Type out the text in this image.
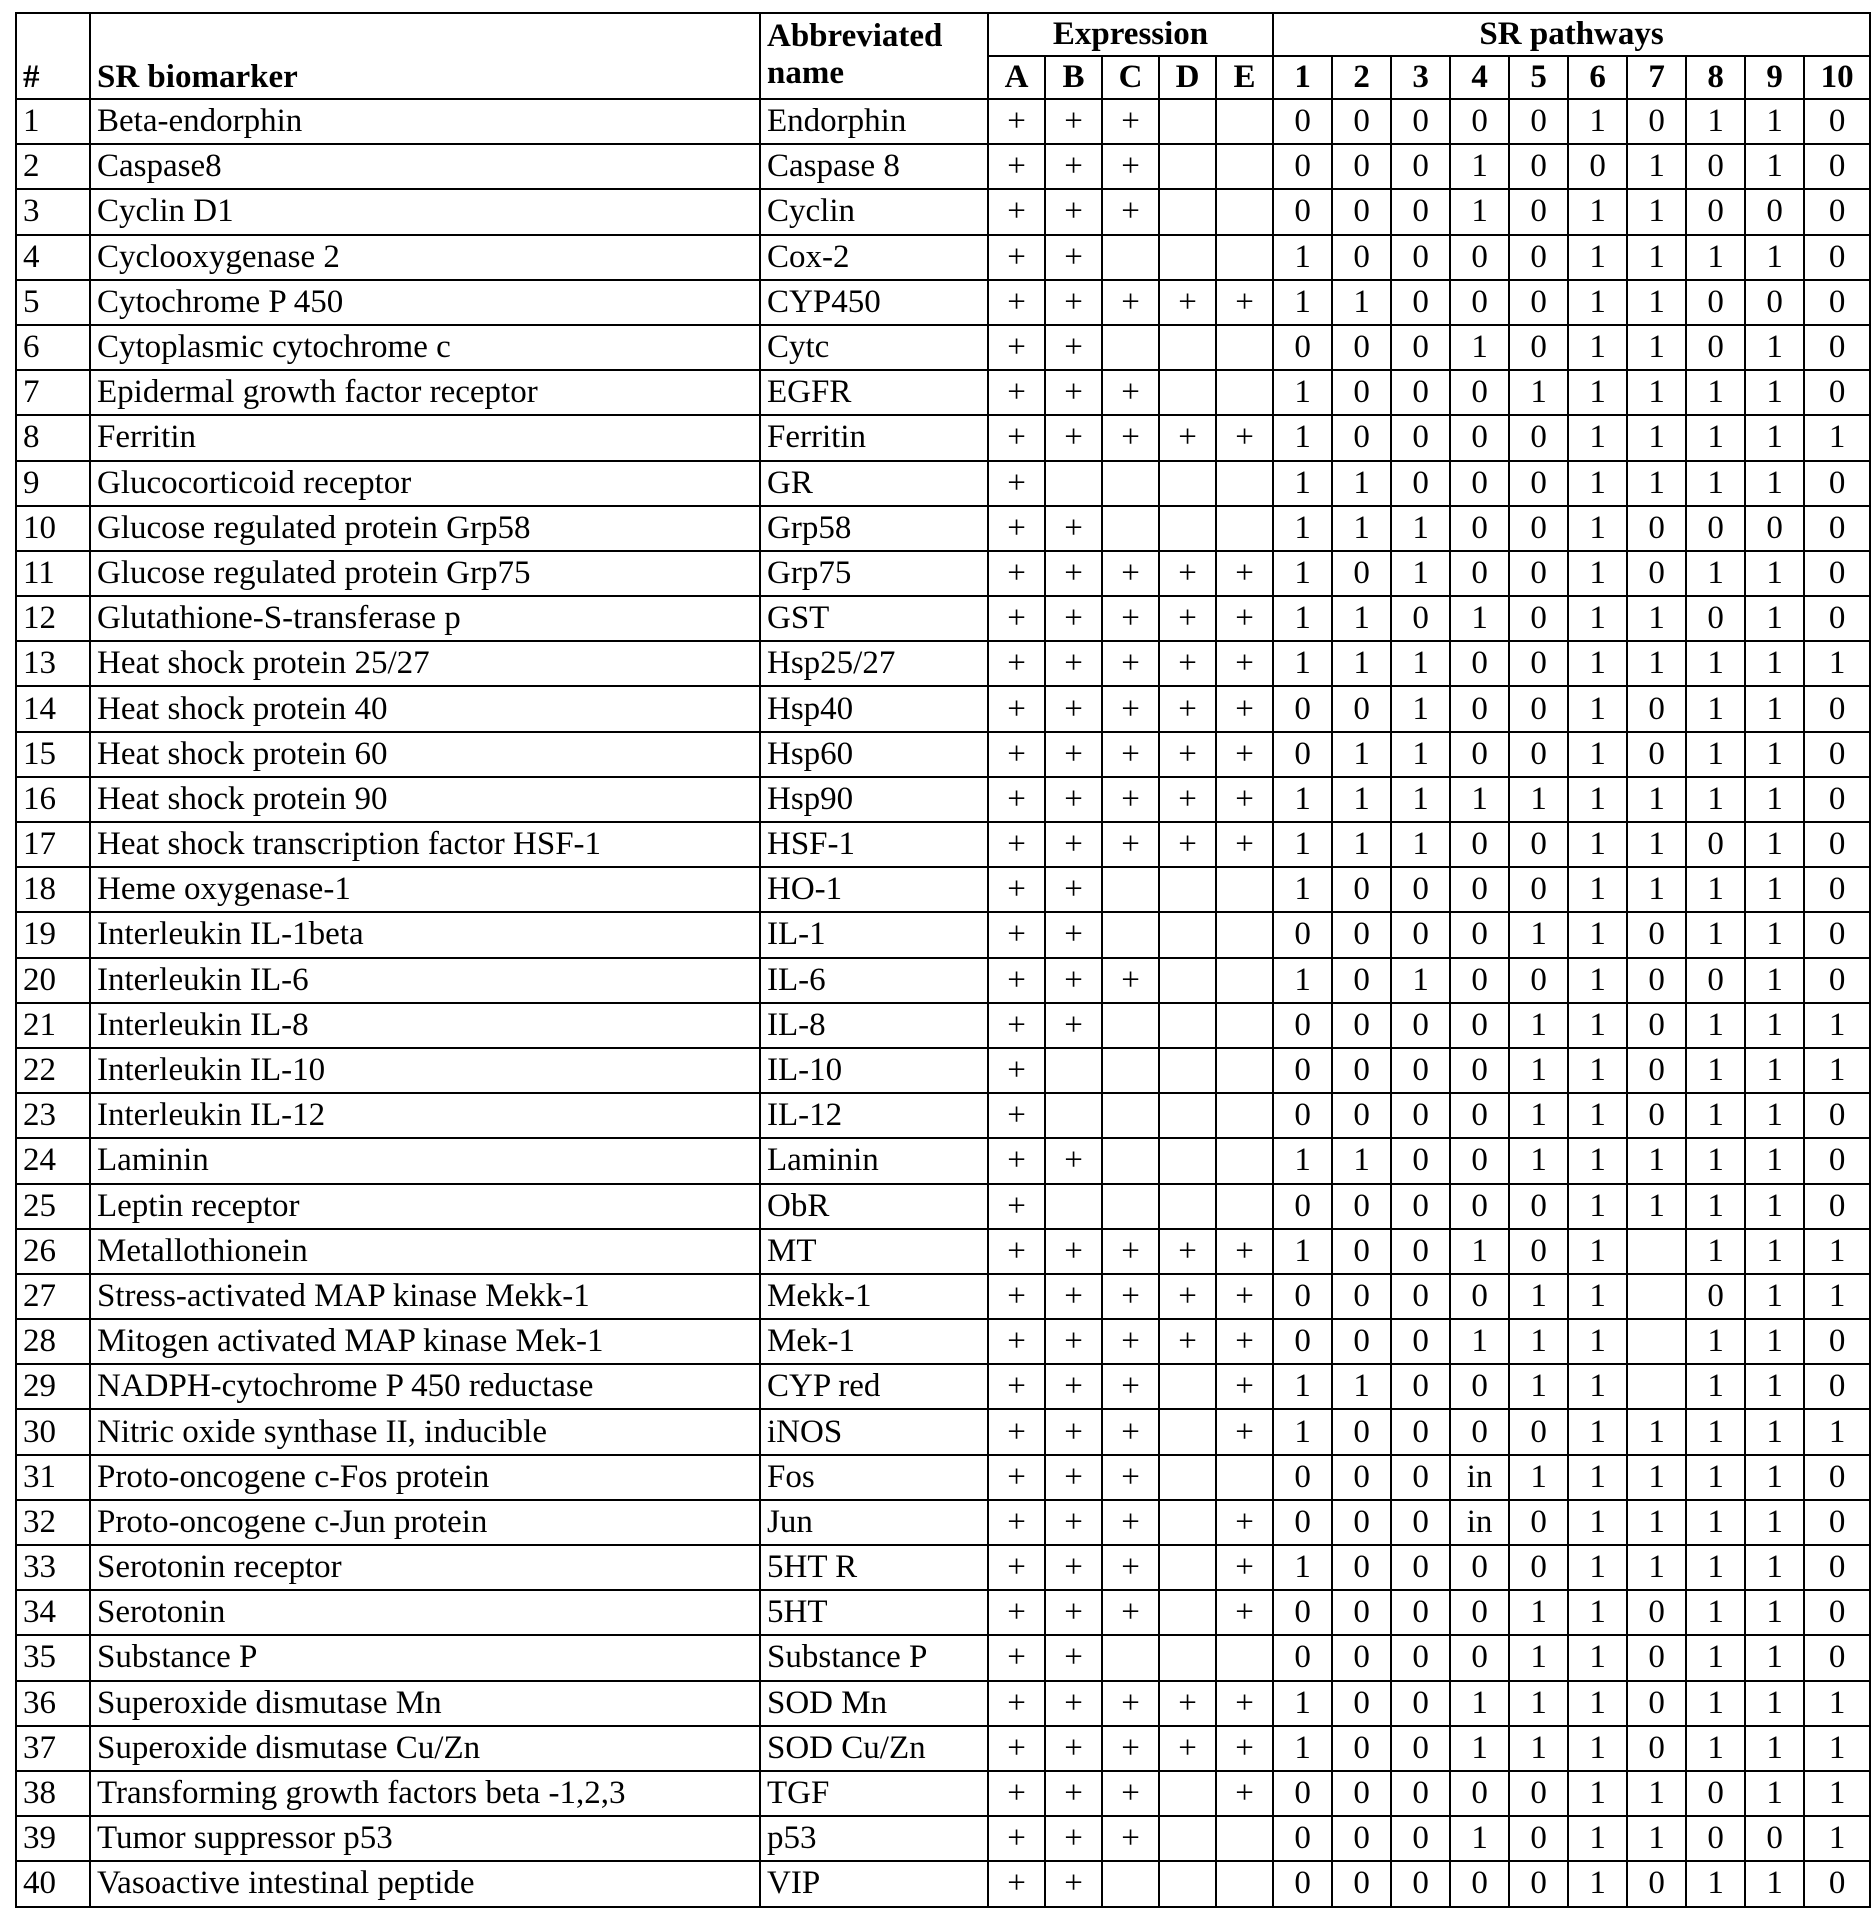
#	SR biomarker	Abbreviated name	Expression					SR pathways									
			A	B	C	D	E	1	2	3	4	5	6	7	8	9	10
1	Beta-endorphin	Endorphin	+	+	+			0	0	0	0	0	1	0	1	1	0
2	Caspase8	Caspase 8	+	+	+			0	0	0	1	0	0	1	0	1	0
3	Cyclin D1	Cyclin	+	+	+			0	0	0	1	0	1	1	0	0	0
4	Cyclooxygenase 2	Cox-2	+	+				1	0	0	0	0	1	1	1	1	0
5	Cytochrome P 450	CYP450	+	+	+	+	+	1	1	0	0	0	1	1	0	0	0
6	Cytoplasmic cytochrome c	Cytc	+	+				0	0	0	1	0	1	1	0	1	0
7	Epidermal growth factor receptor	EGFR	+	+	+			1	0	0	0	1	1	1	1	1	0
8	Ferritin	Ferritin	+	+	+	+	+	1	0	0	0	0	1	1	1	1	1
9	Glucocorticoid receptor	GR	+					1	1	0	0	0	1	1	1	1	0
10	Glucose regulated protein Grp58	Grp58	+	+				1	1	1	0	0	1	0	0	0	0
11	Glucose regulated protein Grp75	Grp75	+	+	+	+	+	1	0	1	0	0	1	0	1	1	0
12	Glutathione-S-transferase p	GST	+	+	+	+	+	1	1	0	1	0	1	1	0	1	0
13	Heat shock protein 25/27	Hsp25/27	+	+	+	+	+	1	1	1	0	0	1	1	1	1	1
14	Heat shock protein 40	Hsp40	+	+	+	+	+	0	0	1	0	0	1	0	1	1	0
15	Heat shock protein 60	Hsp60	+	+	+	+	+	0	1	1	0	0	1	0	1	1	0
16	Heat shock protein 90	Hsp90	+	+	+	+	+	1	1	1	1	1	1	1	1	1	0
17	Heat shock transcription factor HSF-1	HSF-1	+	+	+	+	+	1	1	1	0	0	1	1	0	1	0
18	Heme oxygenase-1	HO-1	+	+				1	0	0	0	0	1	1	1	1	0
19	Interleukin IL-1beta	IL-1	+	+				0	0	0	0	1	1	0	1	1	0
20	Interleukin IL-6	IL-6	+	+	+			1	0	1	0	0	1	0	0	1	0
21	Interleukin IL-8	IL-8	+	+				0	0	0	0	1	1	0	1	1	1
22	Interleukin IL-10	IL-10	+					0	0	0	0	1	1	0	1	1	1
23	Interleukin IL-12	IL-12	+					0	0	0	0	1	1	0	1	1	0
24	Laminin	Laminin	+	+				1	1	0	0	1	1	1	1	1	0
25	Leptin receptor	ObR	+					0	0	0	0	0	1	1	1	1	0
26	Metallothionein	MT	+	+	+	+	+	1	0	0	1	0	1		1	1	1
27	Stress-activated MAP kinase Mekk-1	Mekk-1	+	+	+	+	+	0	0	0	0	1	1		0	1	1
28	Mitogen activated MAP kinase Mek-1	Mek-1	+	+	+	+	+	0	0	0	1	1	1		1	1	0
29	NADPH-cytochrome P 450 reductase	CYP red	+	+	+		+	1	1	0	0	1	1		1	1	0
30	Nitric oxide synthase II, inducible	iNOS	+	+	+		+	1	0	0	0	0	1	1	1	1	1
31	Proto-oncogene c-Fos protein	Fos	+	+	+			0	0	0	in	1	1	1	1	1	0
32	Proto-oncogene c-Jun protein	Jun	+	+	+		+	0	0	0	in	0	1	1	1	1	0
33	Serotonin receptor	5HT R	+	+	+		+	1	0	0	0	0	1	1	1	1	0
34	Serotonin	5HT	+	+	+		+	0	0	0	0	1	1	0	1	1	0
35	Substance P	Substance P	+	+				0	0	0	0	1	1	0	1	1	0
36	Superoxide dismutase Mn	SOD Mn	+	+	+	+	+	1	0	0	1	1	1	0	1	1	1
37	Superoxide dismutase Cu/Zn	SOD Cu/Zn	+	+	+	+	+	1	0	0	1	1	1	0	1	1	1
38	Transforming growth factors beta -1,2,3	TGF	+	+	+		+	0	0	0	0	0	1	1	0	1	1
39	Tumor suppressor p53	p53	+	+	+			0	0	0	1	0	1	1	0	0	1
40	Vasoactive intestinal peptide	VIP	+	+				0	0	0	0	0	1	0	1	1	0
